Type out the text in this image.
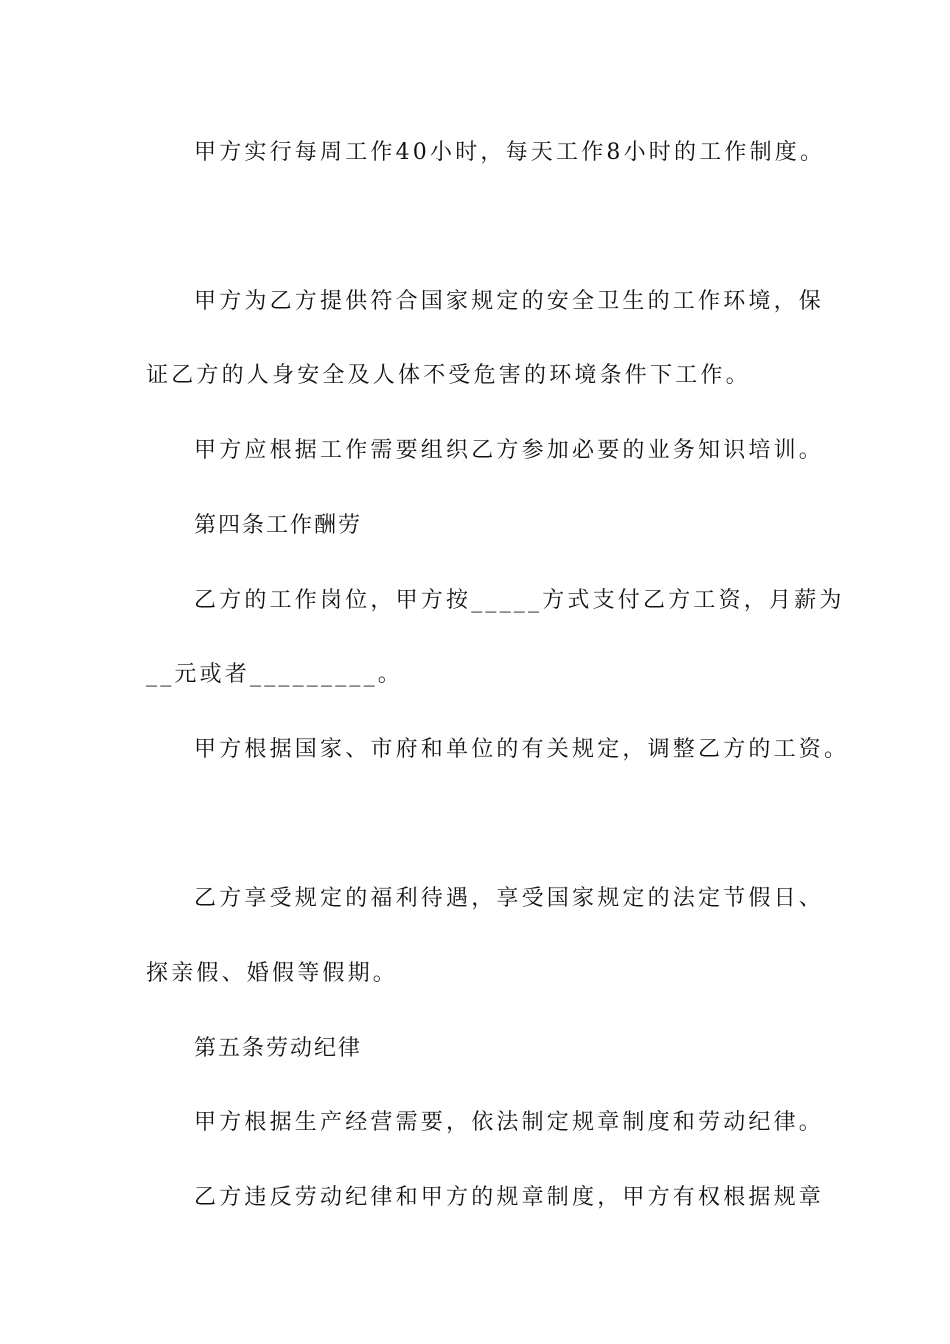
甲方实行每周工作40小时，每天工作8小时的工作制度。
甲方为乙方提供符合国家规定的安全卫生的工作环境，保
证乙方的人身安全及人体不受危害的环境条件下工作。
甲方应根据工作需要组织乙方参加必要的业务知识培训。
第四条工作酬劳
乙方的工作岗位，甲方按_____方式支付乙方工资，月薪为
__元或者_________。
甲方根据国家、市府和单位的有关规定，调整乙方的工资。
乙方享受规定的福利待遇，享受国家规定的法定节假日、
探亲假、婚假等假期。
第五条劳动纪律
甲方根据生产经营需要，依法制定规章制度和劳动纪律。
乙方违反劳动纪律和甲方的规章制度，甲方有权根据规章
